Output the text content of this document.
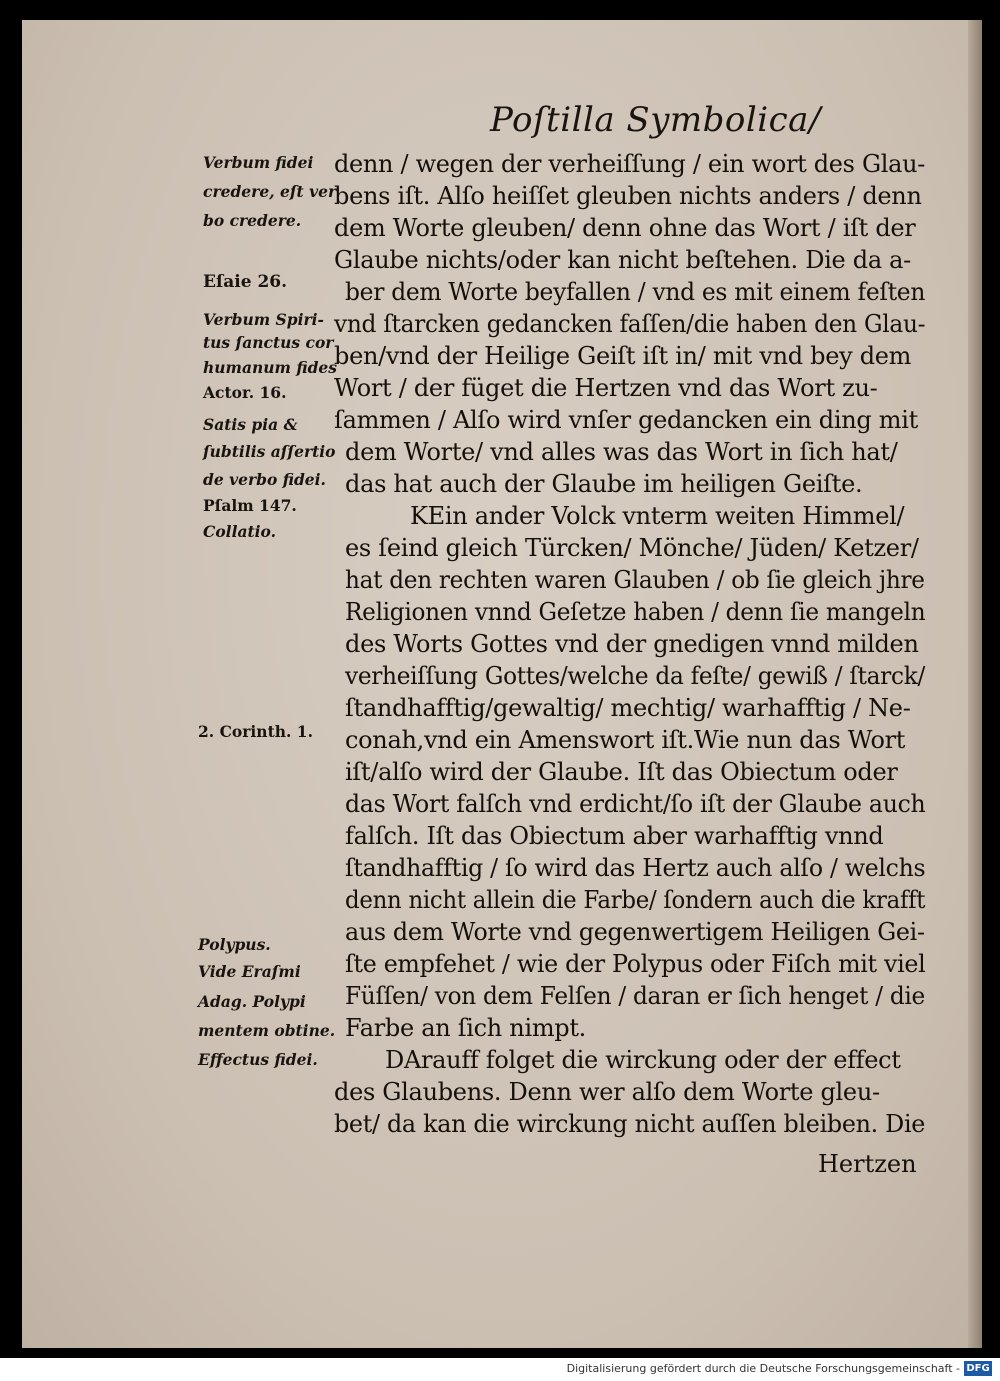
Poſtilla Symbolica/
Verbum fidei
credere, eſt ver
bo credere.
Eſaie 26.
Verbum Spiri-
tus ſanctus cor
humanum fides
Actor. 16.
Satis pia &
ſubtilis aſſertio
de verbo fidei.
Pſalm 147.
Collatio.
2. Corinth. 1.
Polypus.
Vide Eraſmi
Adag. Polypi
mentem obtine.
Effectus fidei.
denn / wegen der verheiſſung / ein wort des Glau-
bens iſt. Alſo heiſſet gleuben nichts anders / denn
dem Worte gleuben/ denn ohne das Wort / iſt der
Glaube nichts/oder kan nicht beſtehen. Die da a-
ber dem Worte beyfallen / vnd es mit einem feſten
vnd ſtarcken gedancken faſſen/die haben den Glau-
ben/vnd der Heilige Geiſt iſt in/ mit vnd bey dem
Wort / der füget die Hertzen vnd das Wort zu-
ſammen / Alſo wird vnſer gedancken ein ding mit
dem Worte/ vnd alles was das Wort in ſich hat/
das hat auch der Glaube im heiligen Geiſte.
KEin ander Volck vnterm weiten Himmel/
es ſeind gleich Türcken/ Mönche/ Jüden/ Ketzer/
hat den rechten waren Glauben / ob ſie gleich jhre
Religionen vnnd Geſetze haben / denn ſie mangeln
des Worts Gottes vnd der gnedigen vnnd milden
verheiſſung Gottes/welche da feſte/ gewiß / ſtarck/
ſtandhafftig/gewaltig/ mechtig/ warhafftig / Ne-
conah,vnd ein Amenswort iſt.Wie nun das Wort
iſt/alſo wird der Glaube. Iſt das Obiectum oder
das Wort falſch vnd erdicht/ſo iſt der Glaube auch
falſch. Iſt das Obiectum aber warhafftig vnnd
ſtandhafftig / ſo wird das Hertz auch alſo / welchs
denn nicht allein die Farbe/ ſondern auch die krafft
aus dem Worte vnd gegenwertigem Heiligen Gei-
ſte empfehet / wie der Polypus oder Fiſch mit viel
Füſſen/ von dem Felſen / daran er ſich henget / die
Farbe an ſich nimpt.
DArauff folget die wirckung oder der effect
des Glaubens. Denn wer alſo dem Worte gleu-
bet/ da kan die wirckung nicht auſſen bleiben. Die
Hertzen
Digitalisierung gefördert durch die Deutsche Forschungsgemeinschaft - DFG
